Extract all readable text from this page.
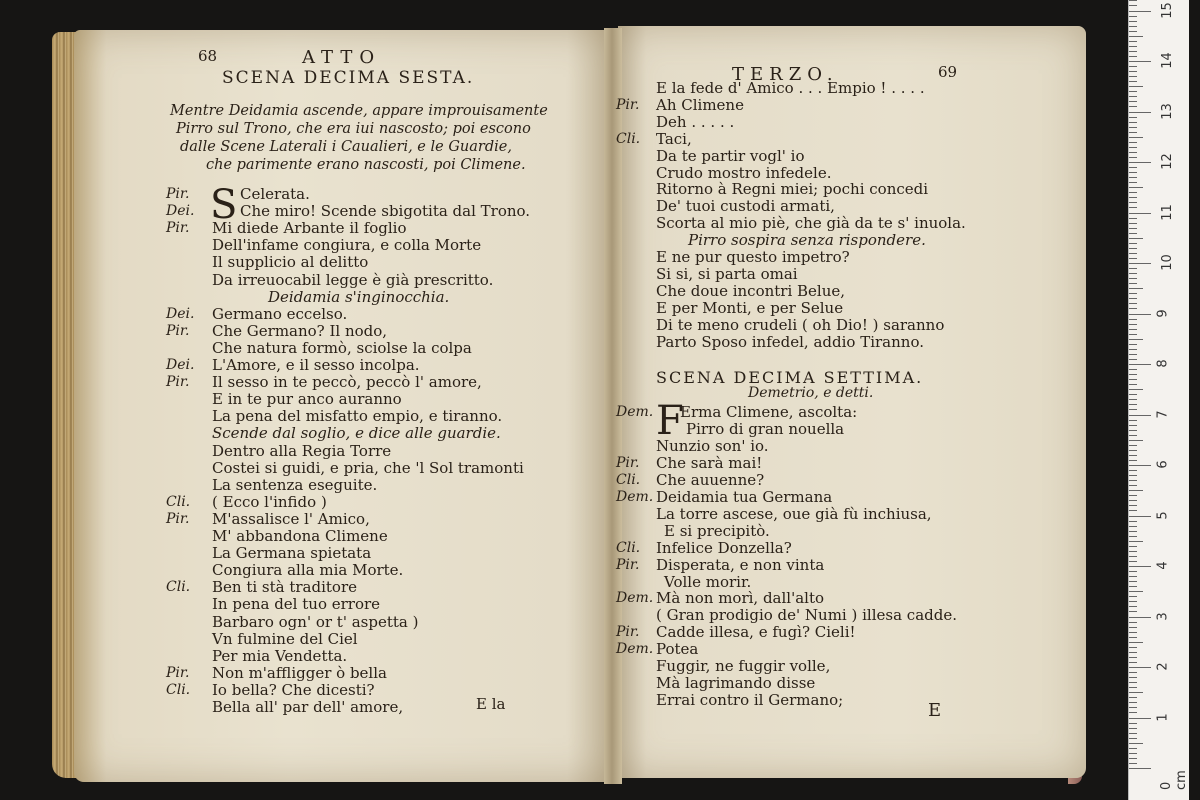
68	ATTO
SCENA DECIMA SESTA.
Mentre Deidamia ascende, appare improuisamente
Pirro sul Trono, che era iui nascosto; poi escono
dalle Scene Laterali i Caualieri, e le Guardie,
che parimente erano nascosti, poi Climene.
S
Pir.	Celerata.
Dei.	Che miro! Scende sbigotita dal Trono.
Pir. Mi diede Arbante il foglio
Dell'infame congiura, e colla Morte
Il supplicio al delitto
Da irreuocabil legge è già prescritto.
Deidamia s'inginocchia.
Dei. Germano eccelso.
Pir. Che Germano? Il nodo,
Che natura formò, sciolse la colpa
Dei. L'Amore, e il sesso incolpa.
Pir. Il sesso in te peccò, peccò l' amore,
E in te pur anco auranno
La pena del misfatto empio, e tiranno.
Scende dal soglio, e dice alle guardie.
Dentro alla Regia Torre
Costei si guidi, e pria, che 'l Sol tramonti
La sentenza eseguite.
Cli. ( Ecco l'infido )
Pir. M'assalisce l' Amico,
M' abbandona Climene
La Germana spietata
Congiura alla mia Morte.
Cli. Ben ti stà traditore
In pena del tuo errore
Barbaro ogn' or t' aspetta )
Vn fulmine del Ciel
Per mia Vendetta.
Pir. Non m'affligger ò bella
Cli. Io bella? Che dicesti?
Bella all' par dell' amore,	E la
TERZO.	69
E la fede d' Amico . . . Empio ! . . . .
Pir. Ah Climene
Deh . . . . .
Cli. Taci,
Da te partir vogl' io
Crudo mostro infedele.
Ritorno à Regni miei; pochi concedi
De' tuoi custodi armati,
Scorta al mio piè, che già da te s' inuola.
Pirro sospira senza rispondere.
E ne pur questo impetro?
Si si, si parta omai
Che doue incontri Belue,
E per Monti, e per Selue
Di te meno crudeli ( oh Dio! ) saranno
Parto Sposo infedel, addio Tiranno.
SCENA DECIMA SETTIMA.
Demetrio, e detti.
F
Dem. Erma Climene, ascolta:
Pirro di gran nouella
Nunzio son' io.
Pir. Che sarà mai!
Cli. Che auuenne?
Dem. Deidamia tua Germana
La torre ascese, oue già fù inchiusa,
E si precipitò.
Cli. Infelice Donzella?
Pir. Disperata, e non vinta
Volle morir.
Dem. Mà non morì, dall'alto
( Gran prodigio de' Numi ) illesa cadde.
Pir. Cadde illesa, e fugì? Cieli!
Dem. Potea
Fuggir, ne fuggir volle,
Mà lagrimando disse
Errai contro il Germano;	E
0 cm
1
2
3
4
5
6
7
8
9
10
11
12
13
14
15
